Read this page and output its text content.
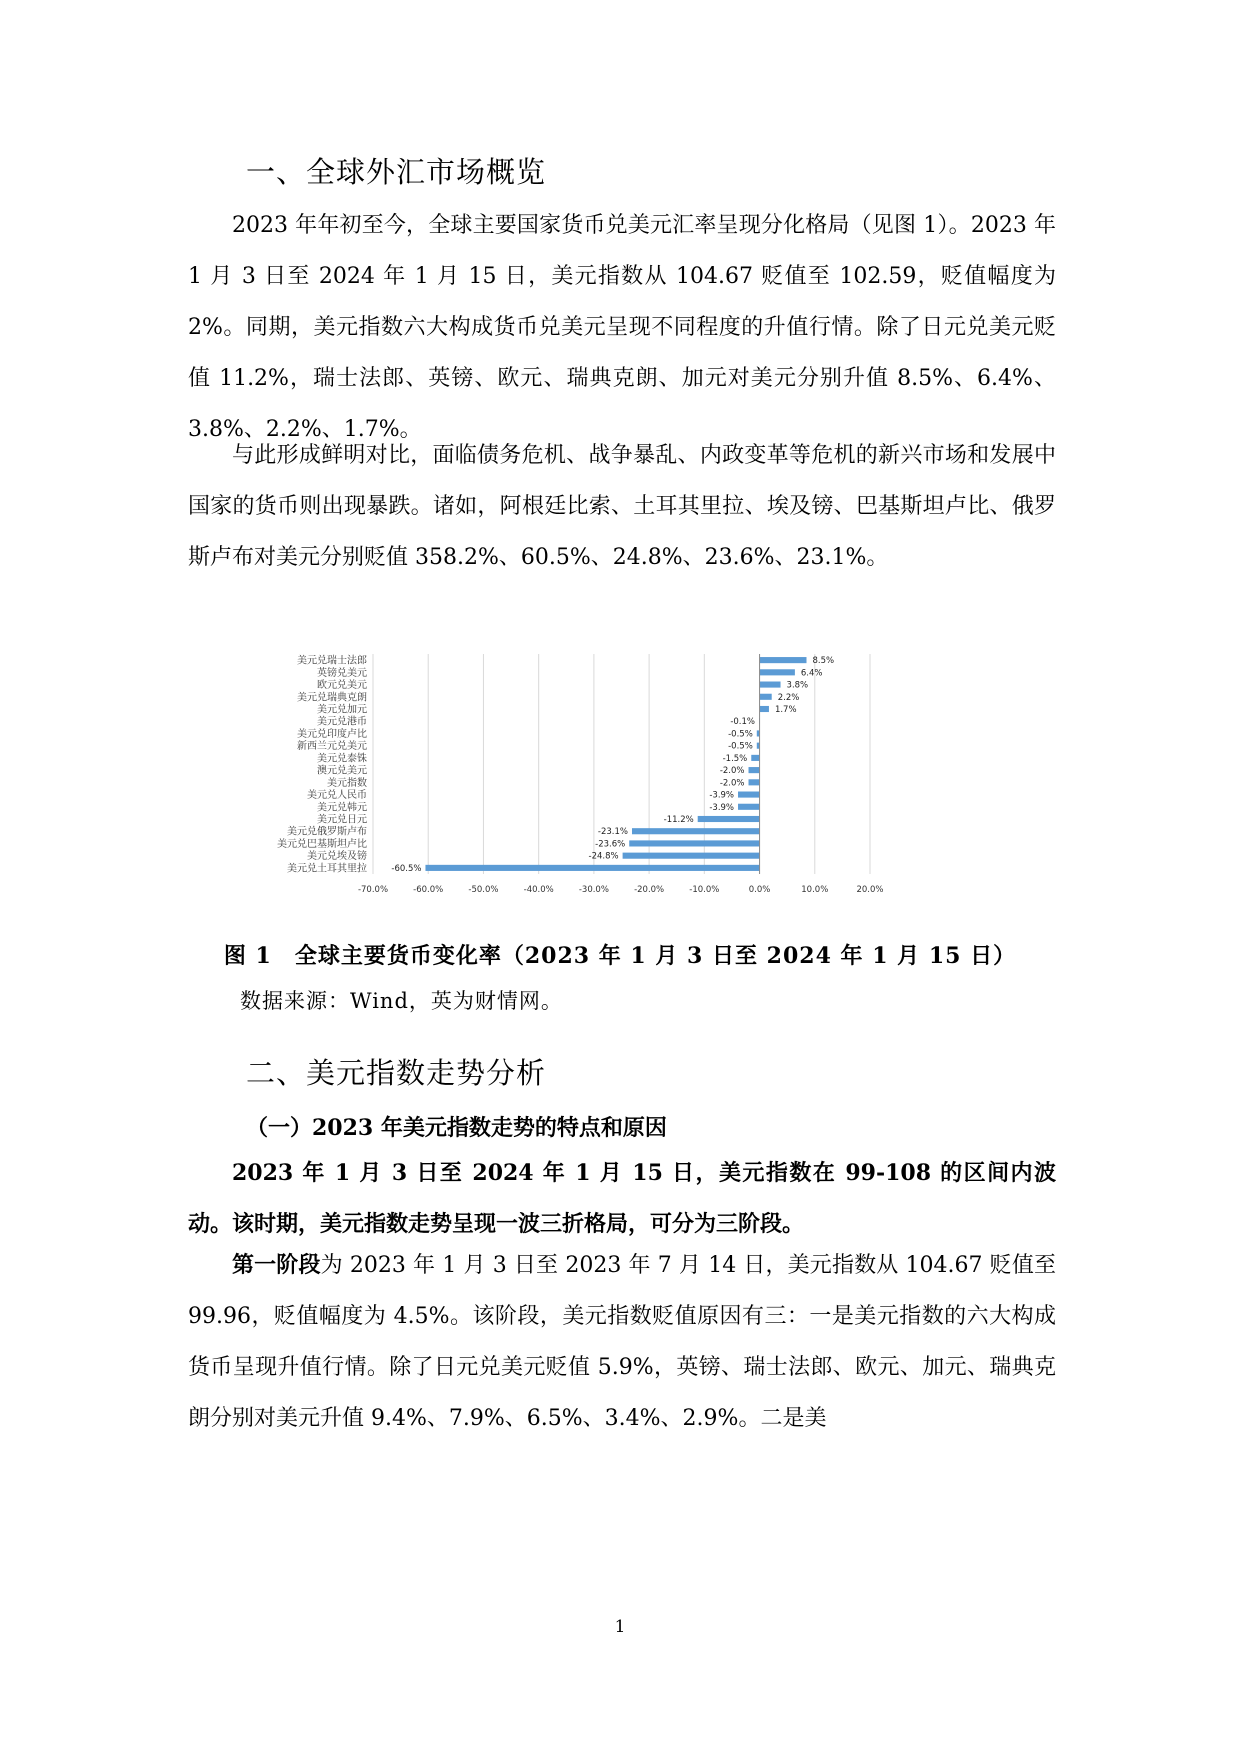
一、全球外汇市场概览

2023 年年初至今，全球主要国家货币兑美元汇率呈现分化格局（见图 1）。2023 年 1 月 3 日至 2024 年 1 月 15 日，美元指数从 104.67 贬值至 102.59，贬值幅度为 2%。同期，美元指数六大构成货币兑美元呈现不同程度的升值行情。除了日元兑美元贬值 11.2%，瑞士法郎、英镑、欧元、瑞典克朗、加元对美元分别升值 8.5%、6.4%、3.8%、2.2%、1.7%。

与此形成鲜明对比，面临债务危机、战争暴乱、内政变革等危机的新兴市场和发展中国家的货币则出现暴跌。诸如，阿根廷比索、土耳其里拉、埃及镑、巴基斯坦卢比、俄罗斯卢布对美元分别贬值 358.2%、60.5%、24.8%、23.6%、23.1%。

-70.0%	-60.0%	-50.0%	-40.0%	-30.0%	-20.0%	-10.0%	0.0%	10.0%	20.0%
8.5%
美元兑瑞士法郎
6.4%
英镑兑美元
3.8%
欧元兑美元
2.2%
美元兑瑞典克朗
1.7%
美元兑加元
-0.1%
美元兑港币
-0.5%
美元兑印度卢比
-0.5%
新西兰元兑美元
-1.5%
美元兑泰铢
-2.0%
澳元兑美元
-2.0%
美元指数
-3.9%
美元兑人民币
-3.9%
美元兑韩元
-11.2%
美元兑日元
-23.1%
美元兑俄罗斯卢布
-23.6%
美元兑巴基斯坦卢比
-24.8%
美元兑埃及镑
-60.5%
美元兑土耳其里拉
图 1　全球主要货币变化率（2023 年 1 月 3 日至 2024 年 1 月 15 日）
数据来源：Wind，英为财情网。
二、美元指数走势分析
（一）2023 年美元指数走势的特点和原因

2023 年 1 月 3 日至 2024 年 1 月 15 日，美元指数在 99-108 的区间内波动。该时期，美元指数走势呈现一波三折格局，可分为三阶段。

第一阶段为 2023 年 1 月 3 日至 2023 年 7 月 14 日，美元指数从 104.67 贬值至 99.96，贬值幅度为 4.5%。该阶段，美元指数贬值原因有三：一是美元指数的六大构成货币呈现升值行情。除了日元兑美元贬值 5.9%，英镑、瑞士法郎、欧元、加元、瑞典克朗分别对美元升值 9.4%、7.9%、6.5%、3.4%、2.9%。二是美

1
